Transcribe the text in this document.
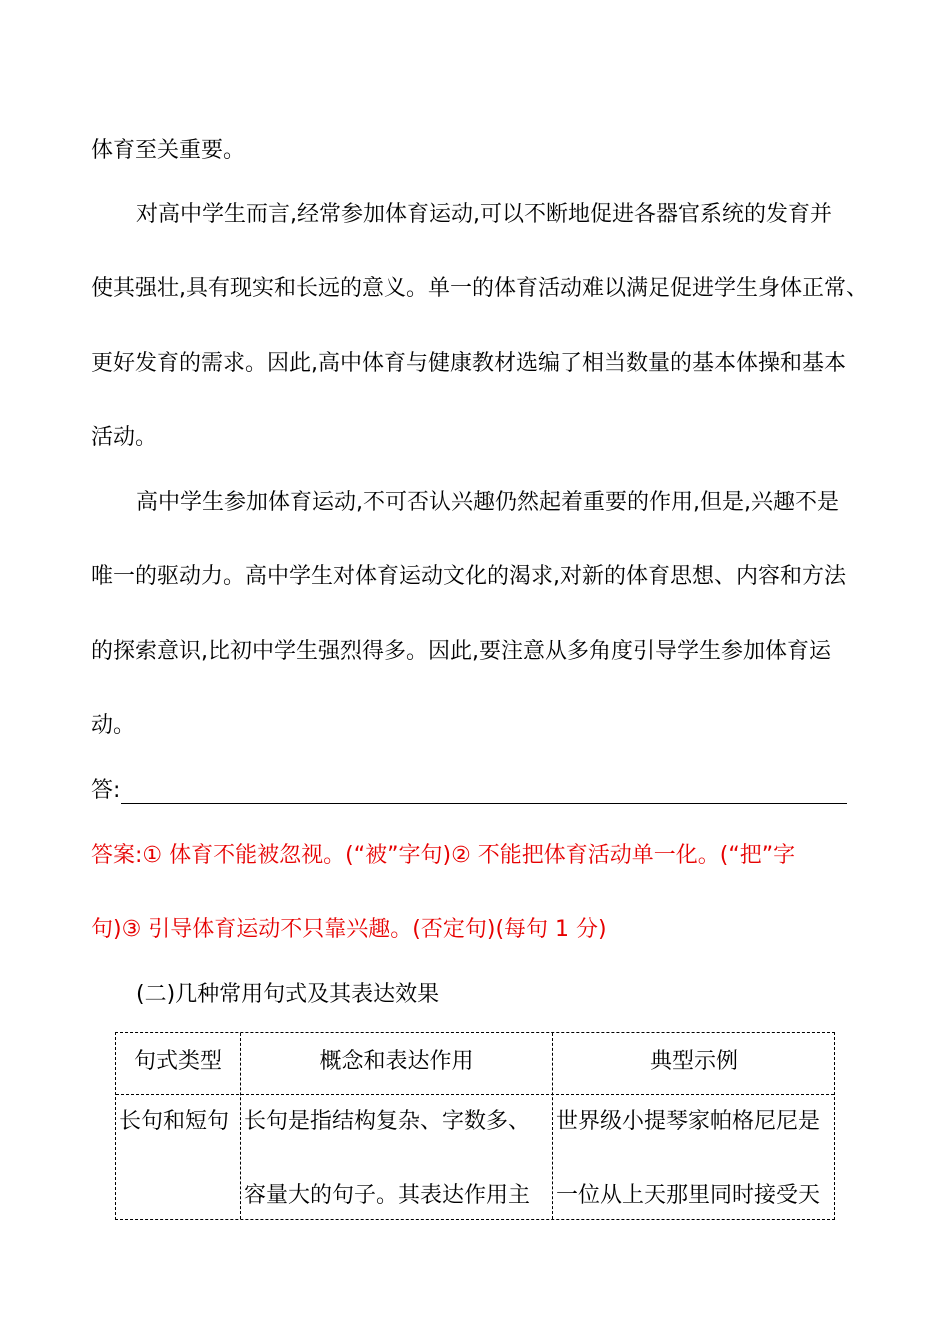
体育至关重要。
对高中学生而言,经常参加体育运动,可以不断地促进各器官系统的发育并
使其强壮,具有现实和长远的意义。单一的体育活动难以满足促进学生身体正常、
更好发育的需求。因此,高中体育与健康教材选编了相当数量的基本体操和基本
活动。
高中学生参加体育运动,不可否认兴趣仍然起着重要的作用,但是,兴趣不是
唯一的驱动力。高中学生对体育运动文化的渴求,对新的体育思想、内容和方法
的探索意识,比初中学生强烈得多。因此,要注意从多角度引导学生参加体育运
动。
答:
答案:① 体育不能被忽视。(“被”字句)② 不能把体育活动单一化。(“把”字
句)③ 引导体育运动不只靠兴趣。(否定句)(每句 1 分)
(二)几种常用句式及其表达效果
句式类型	概念和表达作用	典型示例
长句和短句 长句是指结构复杂、字数多、
容量大的句子。其表达作用主
世界级小提琴家帕格尼尼是
一位从上天那里同时接受天
